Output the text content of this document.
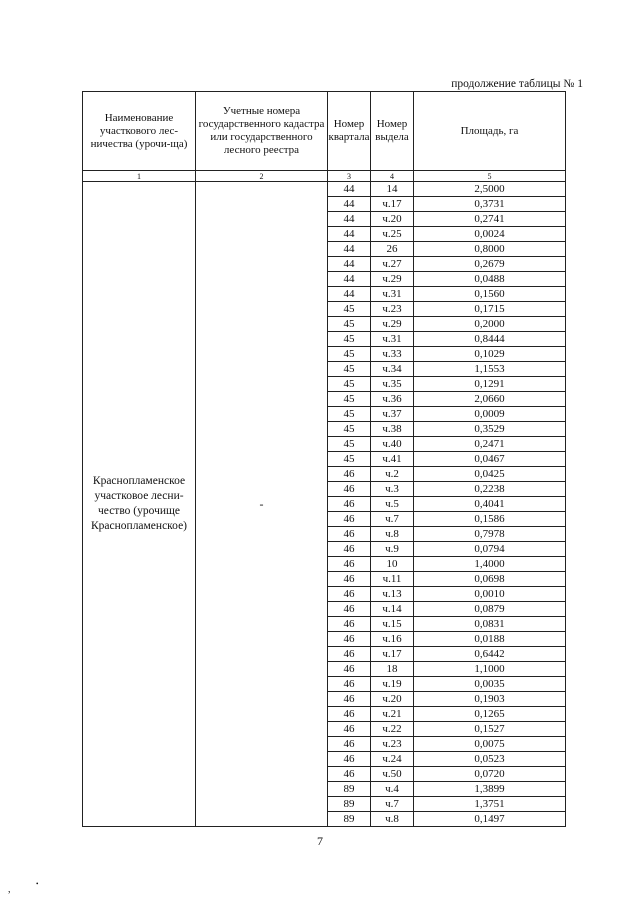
продолжение таблицы № 1
Наименование участкового лес-ничества (урочи-ща)	Учетные номера государственного кадастра или государственного лесного реестра	Номер квартала	Номер выдела	Площадь, га
1	2	3	4	5
Краснопламенское участковое лесни-чество (урочище Краснопламенское)	-	44	14	2,5000
		44	ч.17	0,3731
		44	ч.20	0,2741
		44	ч.25	0,0024
		44	26	0,8000
		44	ч.27	0,2679
		44	ч.29	0,0488
		44	ч.31	0,1560
		45	ч.23	0,1715
		45	ч.29	0,2000
		45	ч.31	0,8444
		45	ч.33	0,1029
		45	ч.34	1,1553
		45	ч.35	0,1291
		45	ч.36	2,0660
		45	ч.37	0,0009
		45	ч.38	0,3529
		45	ч.40	0,2471
		45	ч.41	0,0467
		46	ч.2	0,0425
		46	ч.3	0,2238
		46	ч.5	0,4041
		46	ч.7	0,1586
		46	ч.8	0,7978
		46	ч.9	0,0794
		46	10	1,4000
		46	ч.11	0,0698
		46	ч.13	0,0010
		46	ч.14	0,0879
		46	ч.15	0,0831
		46	ч.16	0,0188
		46	ч.17	0,6442
		46	18	1,1000
		46	ч.19	0,0035
		46	ч.20	0,1903
		46	ч.21	0,1265
		46	ч.22	0,1527
		46	ч.23	0,0075
		46	ч.24	0,0523
		46	ч.50	0,0720
		89	ч.4	1,3899
		89	ч.7	1,3751
		89	ч.8	0,1497
7
,	•
